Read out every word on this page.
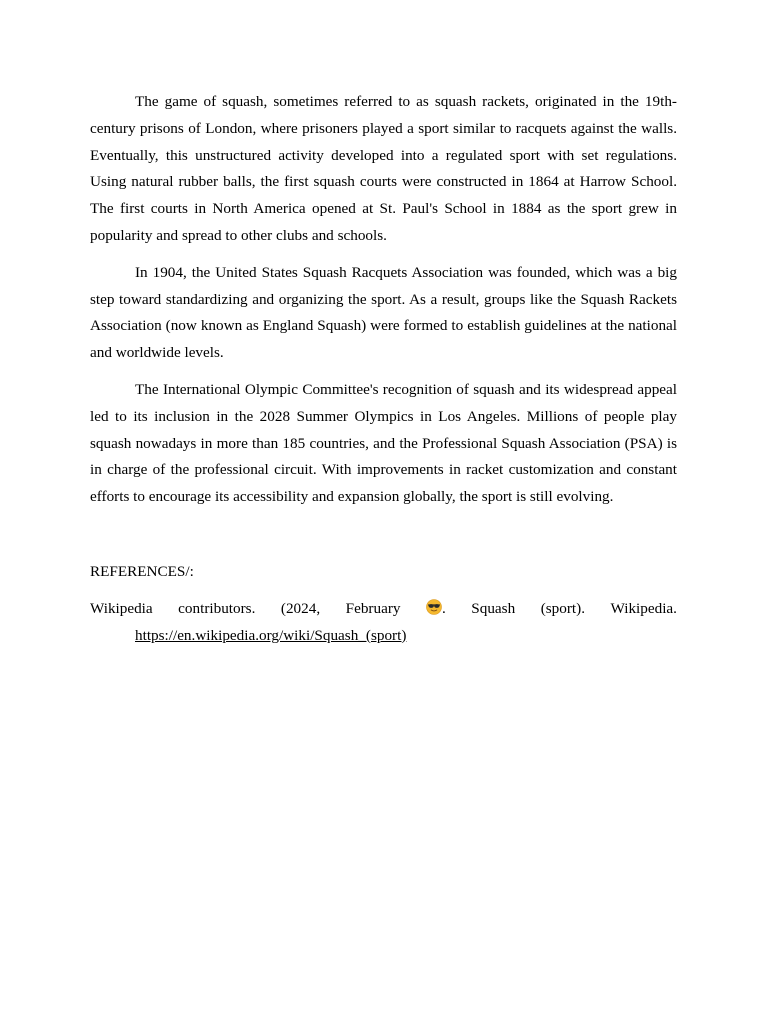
The game of squash, sometimes referred to as squash rackets, originated in the 19th-century prisons of London, where prisoners played a sport similar to racquets against the walls. Eventually, this unstructured activity developed into a regulated sport with set regulations. Using natural rubber balls, the first squash courts were constructed in 1864 at Harrow School. The first courts in North America opened at St. Paul's School in 1884 as the sport grew in popularity and spread to other clubs and schools.

In 1904, the United States Squash Racquets Association was founded, which was a big step toward standardizing and organizing the sport. As a result, groups like the Squash Rackets Association (now known as England Squash) were formed to establish guidelines at the national and worldwide levels.

The International Olympic Committee's recognition of squash and its widespread appeal led to its inclusion in the 2028 Summer Olympics in Los Angeles. Millions of people play squash nowadays in more than 185 countries, and the Professional Squash Association (PSA) is in charge of the professional circuit. With improvements in racket customization and constant efforts to encourage its accessibility and expansion globally, the sport is still evolving.

REFERENCES/:

Wikipedia contributors. (2024, February	. Squash (sport). Wikipedia.
https://en.wikipedia.org/wiki/Squash_(sport)
